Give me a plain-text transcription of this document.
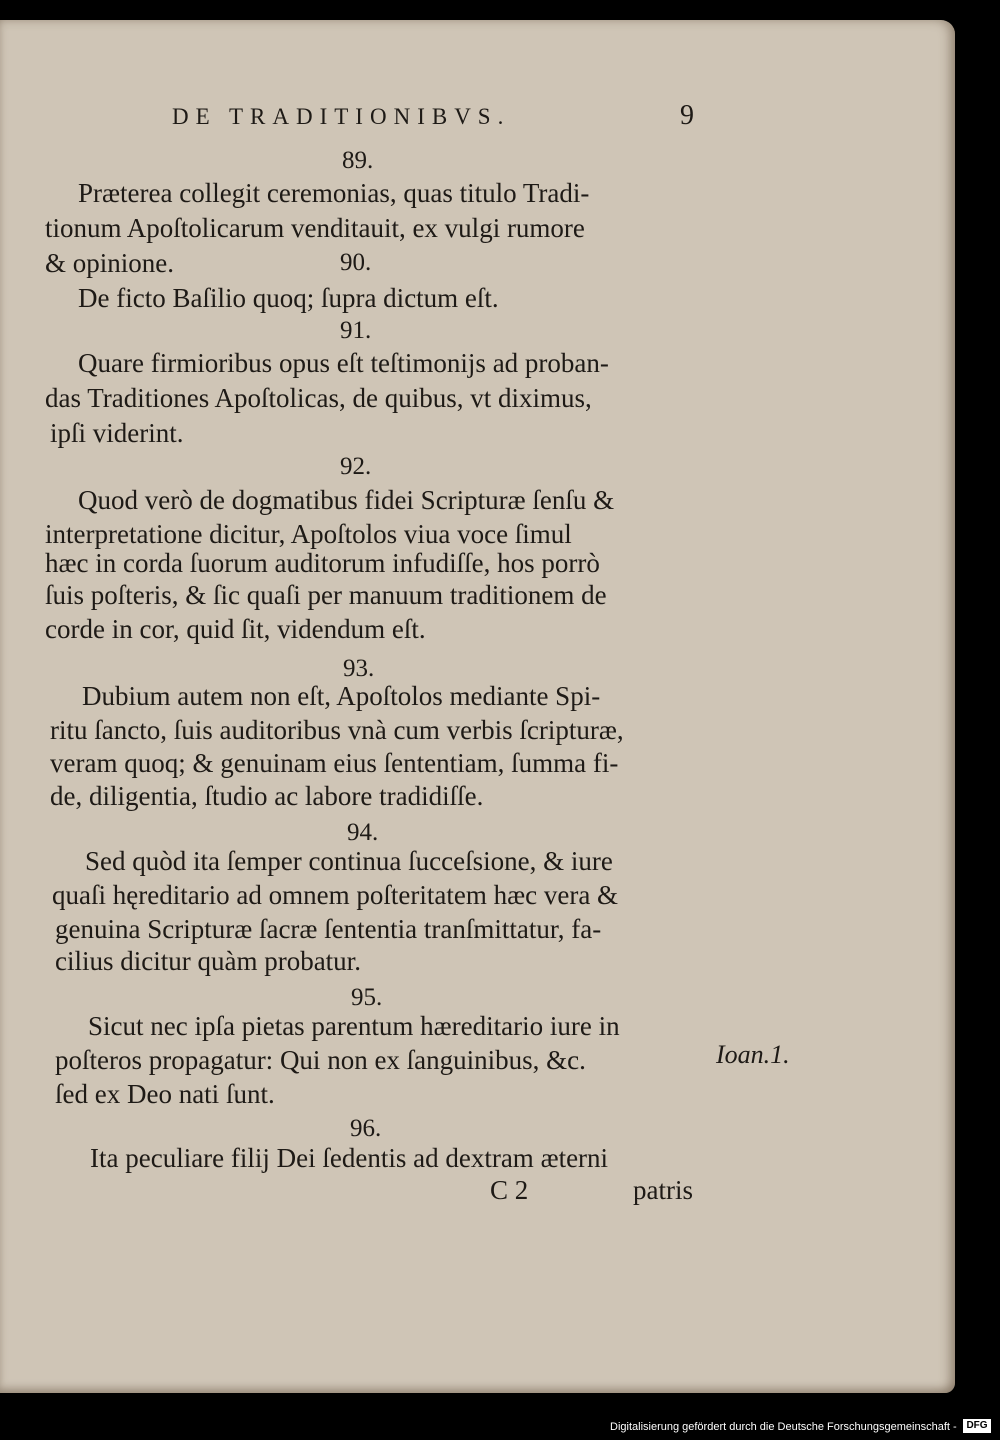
DE TRADITIONIBVS.	9
89.
Præterea collegit ceremonias, quas titulo Tradi-
tionum Apoſtolicarum venditauit, ex vulgi rumore
& opinione.	90.
De ficto Baſilio quoq; ſupra dictum eſt.
91.
Quare firmioribus opus eſt teſtimonijs ad proban-
das Traditiones Apoſtolicas, de quibus, vt diximus,
ipſi viderint.
92.
Quod verò de dogmatibus fidei Scripturæ ſenſu &
interpretatione dicitur, Apoſtolos viua voce ſimul
hæc in corda ſuorum auditorum infudiſſe, hos porrò
ſuis poſteris, & ſic quaſi per manuum traditionem de
corde in cor, quid ſit, videndum eſt.
93.
Dubium autem non eſt, Apoſtolos mediante Spi-
ritu ſancto, ſuis auditoribus vnà cum verbis ſcripturæ,
veram quoq; & genuinam eius ſententiam, ſumma fi-
de, diligentia, ſtudio ac labore tradidiſſe.
94.
Sed quòd ita ſemper continua ſucceſsione, & iure
quaſi hęreditario ad omnem poſteritatem hæc vera &
genuina Scripturæ ſacræ ſententia tranſmittatur, fa-
cilius dicitur quàm probatur.
95.
Sicut nec ipſa pietas parentum hæreditario iure in
poſteros propagatur: Qui non ex ſanguinibus, &c.
ſed ex Deo nati ſunt.
Ioan.1.
96.
Ita peculiare filij Dei ſedentis ad dextram æterni
C 2	patris
Digitalisierung gefördert durch die Deutsche Forschungsgemeinschaft - DFG
